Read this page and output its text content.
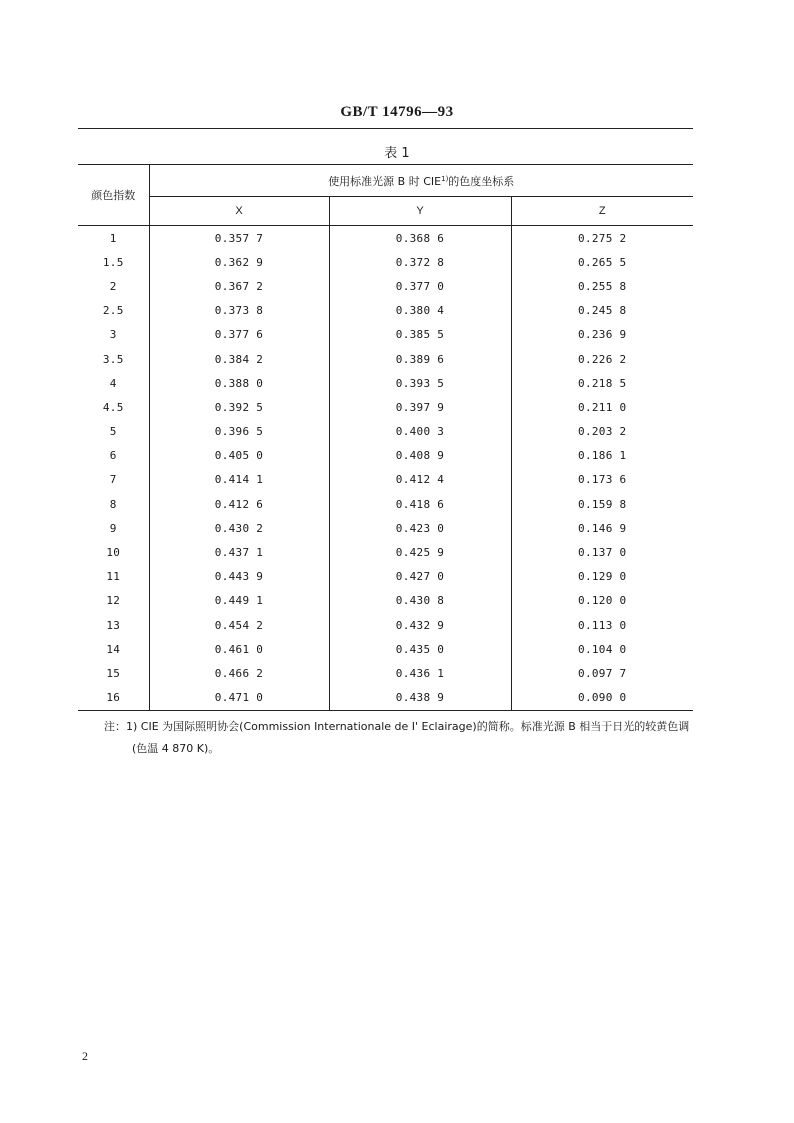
GB/T 14796—93
表 1
颜色指数	使用标准光源 B 时 CIE$^{1)}$的色度坐标系		
	X	Y	Z
1	0.357 7	0.368 6	0.275 2
1.5	0.362 9	0.372 8	0.265 5
2	0.367 2	0.377 0	0.255 8
2.5	0.373 8	0.380 4	0.245 8
3	0.377 6	0.385 5	0.236 9
3.5	0.384 2	0.389 6	0.226 2
4	0.388 0	0.393 5	0.218 5
4.5	0.392 5	0.397 9	0.211 0
5	0.396 5	0.400 3	0.203 2
6	0.405 0	0.408 9	0.186 1
7	0.414 1	0.412 4	0.173 6
8	0.412 6	0.418 6	0.159 8
9	0.430 2	0.423 0	0.146 9
10	0.437 1	0.425 9	0.137 0
11	0.443 9	0.427 0	0.129 0
12	0.449 1	0.430 8	0.120 0
13	0.454 2	0.432 9	0.113 0
14	0.461 0	0.435 0	0.104 0
15	0.466 2	0.436 1	0.097 7
16	0.471 0	0.438 9	0.090 0
注：1) CIE 为国际照明协会(Commission Internationale de I' Eclairage)的简称。标准光源 B 相当于日光的较黄色调
(色温 4 870 K)。
2
